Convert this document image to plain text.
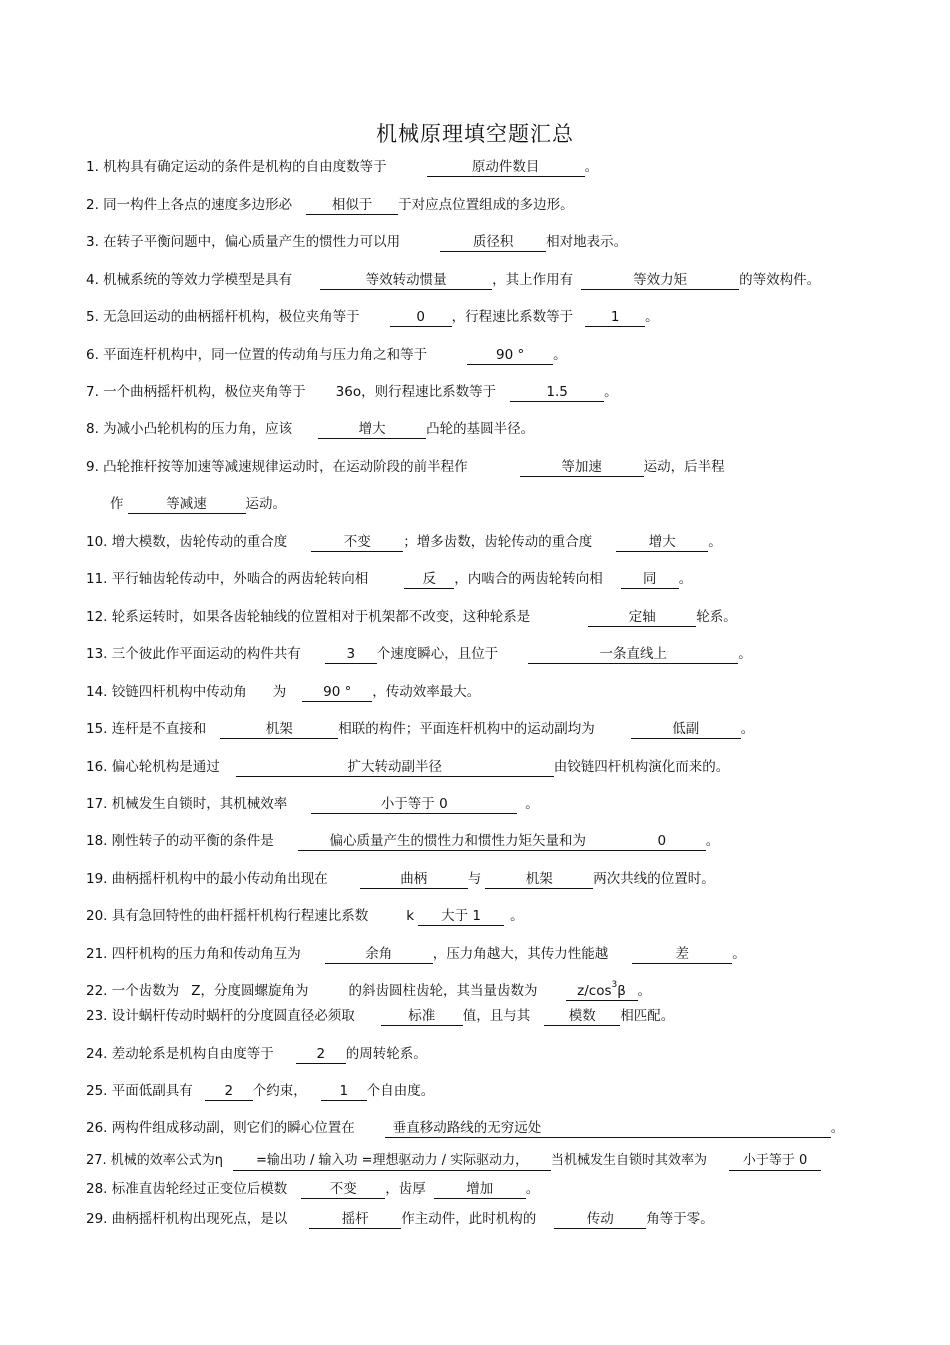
机械原理填空题汇总
1. 机构具有确定运动的条件是机构的自由度数等于	原动件数目	。
2. 同一构件上各点的速度多边形必	相似于 于对应点位置组成的多边形。
3. 在转子平衡问题中，偏心质量产生的惯性力可以用	质径积 相对地表示。
4. 机械系统的等效力学模型是具有	等效转动惯量	，其上作用有	等效力矩	的等效构件。
5. 无急回运动的曲柄摇杆机构，极位夹角等于	0 ，行程速比系数等于	1 。
6. 平面连杆机构中，同一位置的传动角与压力角之和等于	90 ° 。
7. 一个曲柄摇杆机构，极位夹角等于 36o，则行程速比系数等于	1.5	。
8. 为减小凸轮机构的压力角，应该	增大	凸轮的基圆半径。
9. 凸轮推杆按等加速等减速规律运动时，在运动阶段的前半程作	等加速	运动，后半程
作	等减速	运动。
10. 增大模数，齿轮传动的重合度	不变 ；增多齿数，齿轮传动的重合度	增大 。
11. 平行轴齿轮传动中，外啮合的两齿轮转向相	反 ，内啮合的两齿轮转向相	同 。
12. 轮系运转时，如果各齿轮轴线的位置相对于机架都不改变，这种轮系是	定轴	轮系。
13. 三个彼此作平面运动的构件共有	3 个速度瞬心，且位于	一条直线上	。
14. 铰链四杆机构中传动角 为	90 ° ，传动效率最大。
15. 连杆是不直接和	机架	相联的构件；平面连杆机构中的运动副均为	低副	。
16. 偏心轮机构是通过	扩大转动副半径	由铰链四杆机构演化而来的。
17. 机械发生自锁时，其机械效率	小于等于 0	。
18. 刚性转子的动平衡的条件是	偏心质量产生的惯性力和惯性力矩矢量和为	0	。
19. 曲柄摇杆机构中的最小传动角出现在	曲柄	与	机架	两次共线的位置时。
20. 具有急回特性的曲杆摇杆机构行程速比系数	k 大于 1 。
21. 四杆机构的压力角和传动角互为	余角	，压力角越大，其传力性能越	差	。
22. 一个齿数为 Z，分度圆螺旋角为	的斜齿圆柱齿轮，其当量齿数为	$z/\cos^3\beta$ 。
23. 设计蜗杆传动时蜗杆的分度圆直径必须取	标准 值，且与其	模数 相匹配。
24. 差动轮系是机构自由度等于	2 的周转轮系。
25. 平面低副具有 2 个约束， 1 个自由度。
26. 两构件组成移动副，则它们的瞬心位置在	垂直移动路线的无穷远处	。
27. 机械的效率公式为η	=输出功 / 输入功 =理想驱动力 / 实际驱动力， 当机械发生自锁时其效率为	小于等于 0
28. 标准直齿轮经过正变位后模数	不变 ，齿厚	增加 。
29. 曲柄摇杆机构出现死点，是以	摇杆 作主动件，此时机构的	传动 角等于零。
